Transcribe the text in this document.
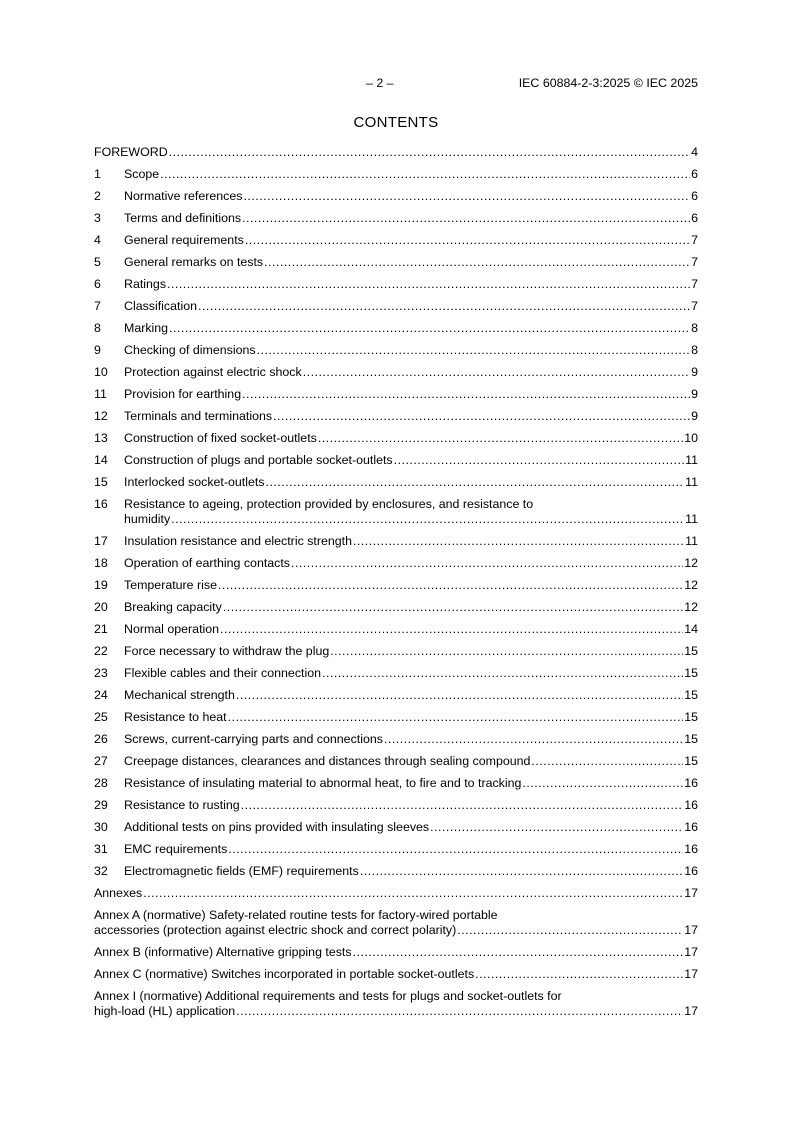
– 2 –	IEC 60884-2-3:2025 © IEC 2025
CONTENTS
FOREWORD .....	4
1	Scope .....	6
2	Normative references .....	6
3	Terms and definitions .....	6
4	General requirements .....	7
5	General remarks on tests .....	7
6	Ratings .....	7
7	Classification .....	7
8	Marking .....	8
9	Checking of dimensions .....	8
10	Protection against electric shock .....	9
11	Provision for earthing .....	9
12	Terminals and terminations .....	9
13	Construction of fixed socket-outlets .....	10
14	Construction of plugs and portable socket-outlets .....	11
15	Interlocked socket-outlets .....	11
16 Resistance to ageing, protection provided by enclosures, and resistance to
humidity .....	11
17	Insulation resistance and electric strength .....	11
18	Operation of earthing contacts .....	12
19	Temperature rise .....	12
20	Breaking capacity .....	12
21	Normal operation .....	14
22	Force necessary to withdraw the plug .....	15
23	Flexible cables and their connection .....	15
24	Mechanical strength .....	15
25	Resistance to heat .....	15
26	Screws, current-carrying parts and connections .....	15
27	Creepage distances, clearances and distances through sealing compound .....	15
28	Resistance of insulating material to abnormal heat, to fire and to tracking .....	16
29	Resistance to rusting .....	16
30	Additional tests on pins provided with insulating sleeves .....	16
31	EMC requirements .....	16
32	Electromagnetic fields (EMF) requirements .....	16
Annexes .....	17
Annex A (normative) Safety-related routine tests for factory-wired portable
accessories (protection against electric shock and correct polarity) .....	17
Annex B (informative) Alternative gripping tests .....	17
Annex C (normative) Switches incorporated in portable socket-outlets .....	17
Annex I (normative) Additional requirements and tests for plugs and socket-outlets for
high-load (HL) application .....	17
